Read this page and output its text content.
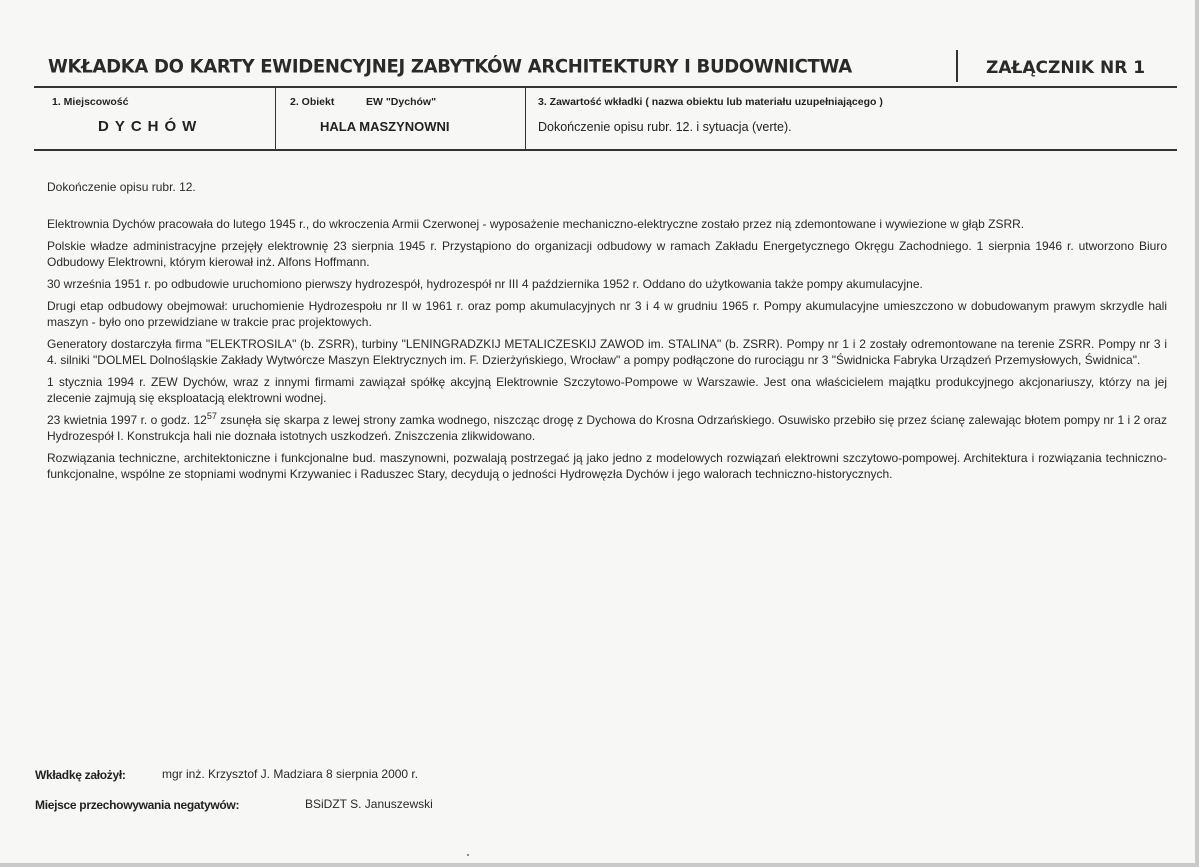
WKŁADKA DO KARTY EWIDENCYJNEJ ZABYTKÓW ARCHITEKTURY I BUDOWNICTWA	ZAŁĄCZNIK NR 1
1. Miejscowość	2. Obiekt	EW "Dychów"	3. Zawartość wkładki ( nazwa obiektu lub materiału uzupełniającego )
DYCHÓW	HALA MASZYNOWNI	Dokończenie opisu rubr. 12. i sytuacja (verte).
Dokończenie opisu rubr. 12.

Elektrownia Dychów pracowała do lutego 1945 r., do wkroczenia Armii Czerwonej - wyposażenie mechaniczno-elektryczne zostało przez nią zdemontowane i wywiezione w głąb ZSRR.

Polskie władze administracyjne przejęły elektrownię 23 sierpnia 1945 r. Przystąpiono do organizacji odbudowy w ramach Zakładu Energetycznego Okręgu Zachodniego. 1 sierpnia 1946 r. utworzono Biuro Odbudowy Elektrowni, którym kierował inż. Alfons Hoffmann.

30 września 1951 r. po odbudowie uruchomiono pierwszy hydrozespół, hydrozespół nr III 4 października 1952 r. Oddano do użytkowania także pompy akumulacyjne.

Drugi etap odbudowy obejmował: uruchomienie Hydrozespołu nr II w 1961 r. oraz pomp akumulacyjnych nr 3 i 4 w grudniu 1965 r. Pompy akumulacyjne umieszczono w dobudowanym prawym skrzydle hali maszyn - było ono przewidziane w trakcie prac projektowych.

Generatory dostarczyła firma "ELEKTROSILA" (b. ZSRR), turbiny "LENINGRADZKIJ METALICZESKIJ ZAWOD im. STALINA" (b. ZSRR). Pompy nr 1 i 2 zostały odremontowane na terenie ZSRR. Pompy nr 3 i 4. silniki "DOLMEL Dolnośląskie Zakłady Wytwórcze Maszyn Elektrycznych im. F. Dzierżyńskiego, Wrocław" a pompy podłączone do rurociągu nr 3 "Świdnicka Fabryka Urządzeń Przemysłowych, Świdnica".

1 stycznia 1994 r. ZEW Dychów, wraz z innymi firmami zawiązał spółkę akcyjną Elektrownie Szczytowo-Pompowe w Warszawie. Jest ona właścicielem majątku produkcyjnego akcjonariuszy, którzy na jej zlecenie zajmują się eksploatacją elektrowni wodnej.

23 kwietnia 1997 r. o godz. $12^{57}$ zsunęła się skarpa z lewej strony zamka wodnego, niszcząc drogę z Dychowa do Krosna Odrzańskiego. Osuwisko przebiło się przez ścianę zalewając błotem pompy nr 1 i 2 oraz Hydrozespół I. Konstrukcja hali nie doznała istotnych uszkodzeń. Zniszczenia zlikwidowano.

Rozwiązania techniczne, architektoniczne i funkcjonalne bud. maszynowni, pozwalają postrzegać ją jako jedno z modelowych rozwiązań elektrowni szczytowo-pompowej. Architektura i rozwiązania techniczno-funkcjonalne, wspólne ze stopniami wodnymi Krzywaniec i Raduszec Stary, decydują o jedności Hydrowęzła Dychów i jego walorach techniczno-historycznych.

Wkładkę założył:	mgr inż. Krzysztof J. Madziara 8 sierpnia 2000 r.
Miejsce przechowywania negatywów:	BSiDZT S. Januszewski
